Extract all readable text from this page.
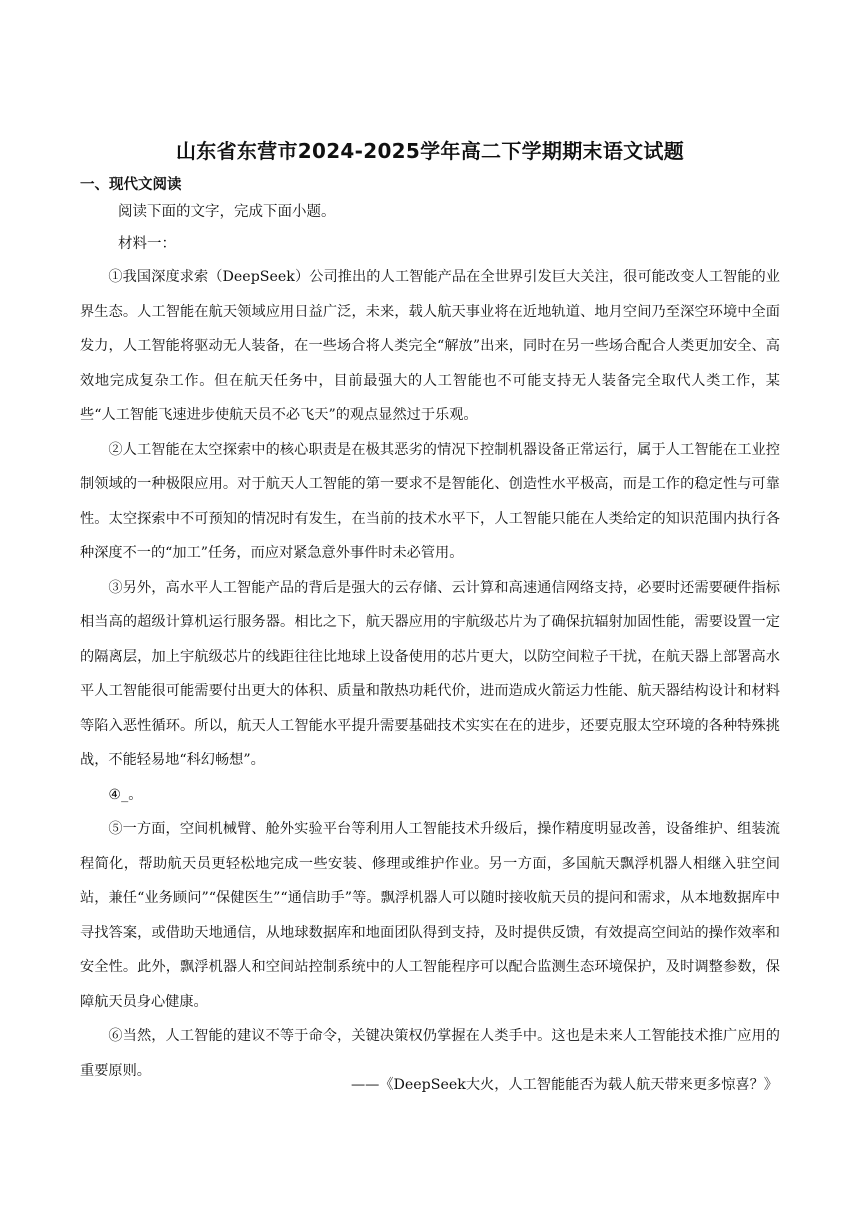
山东省东营市2024-2025学年高二下学期期末语文试题
一、现代文阅读
阅读下面的文字，完成下面小题。
材料一：

①我国深度求索（DeepSeek）公司推出的人工智能产品在全世界引发巨大关注，很可能改变人工智能的业界生态。人工智能在航天领域应用日益广泛，未来，载人航天事业将在近地轨道、地月空间乃至深空环境中全面发力，人工智能将驱动无人装备，在一些场合将人类完全“解放”出来，同时在另一些场合配合人类更加安全、高效地完成复杂工作。但在航天任务中，目前最强大的人工智能也不可能支持无人装备完全取代人类工作，某些“人工智能飞速进步使航天员不必飞天”的观点显然过于乐观。

②人工智能在太空探索中的核心职责是在极其恶劣的情况下控制机器设备正常运行，属于人工智能在工业控制领域的一种极限应用。对于航天人工智能的第一要求不是智能化、创造性水平极高，而是工作的稳定性与可靠性。太空探索中不可预知的情况时有发生，在当前的技术水平下，人工智能只能在人类给定的知识范围内执行各种深度不一的“加工”任务，而应对紧急意外事件时未必管用。

③另外，高水平人工智能产品的背后是强大的云存储、云计算和高速通信网络支持，必要时还需要硬件指标相当高的超级计算机运行服务器。相比之下，航天器应用的宇航级芯片为了确保抗辐射加固性能，需要设置一定的隔离层，加上宇航级芯片的线距往往比地球上设备使用的芯片更大，以防空间粒子干扰，在航天器上部署高水平人工智能很可能需要付出更大的体积、质量和散热功耗代价，进而造成火箭运力性能、航天器结构设计和材料等陷入恶性循环。所以，航天人工智能水平提升需要基础技术实实在在的进步，还要克服太空环境的各种特殊挑战，不能轻易地“科幻畅想”。

④_。

⑤一方面，空间机械臂、舱外实验平台等利用人工智能技术升级后，操作精度明显改善，设备维护、组装流程简化，帮助航天员更轻松地完成一些安装、修理或维护作业。另一方面，多国航天飘浮机器人相继入驻空间站，兼任“业务顾问”“保健医生”“通信助手”等。飘浮机器人可以随时接收航天员的提问和需求，从本地数据库中寻找答案，或借助天地通信，从地球数据库和地面团队得到支持，及时提供反馈，有效提高空间站的操作效率和安全性。此外，飘浮机器人和空间站控制系统中的人工智能程序可以配合监测生态环境保护，及时调整参数，保障航天员身心健康。

⑥当然，人工智能的建议不等于命令，关键决策权仍掌握在人类手中。这也是未来人工智能技术推广应用的重要原则。

——《DeepSeek大火，人工智能能否为载人航天带来更多惊喜？》
